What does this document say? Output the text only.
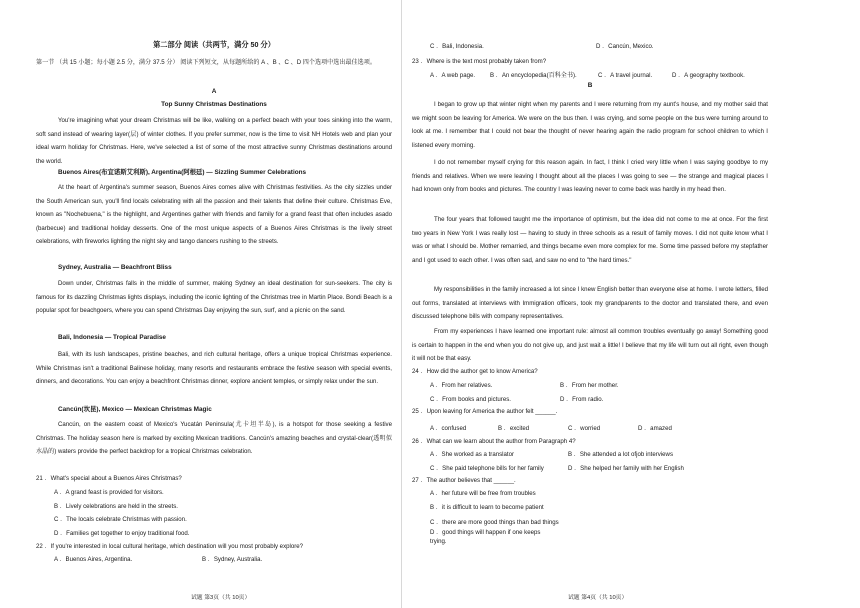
第二部分 阅读（共两节，满分 50 分）
第一节 （共 15 小题；每小题 2.5 分，满分 37.5 分） 阅读下列短文，从每题所给的 A 、B 、C 、D 四个选项中选出最佳选项。
A
Top Sunny Christmas Destinations
You're imagining what your dream Christmas will be like, walking on a perfect beach with your toes sinking into the warm, soft sand instead of wearing layer(层) of winter clothes. If you prefer summer, now is the time to visit NH Hotels web and plan your ideal warm holiday for Christmas. Here, we've selected a list of some of the most attractive sunny Christmas destinations around the world.
Buenos Aires(布宜诺斯艾利斯), Argentina(阿根廷) — Sizzling Summer Celebrations
At the heart of Argentina's summer season, Buenos Aires comes alive with Christmas festivities. As the city sizzles under the South American sun, you'll find locals celebrating with all the passion and their talents that define their culture. Christmas Eve, known as "Nochebuena," is the highlight, and Argentines gather with friends and family for a grand feast that often includes asado (barbecue) and traditional holiday desserts. One of the most unique aspects of a Buenos Aires Christmas is the lively street celebrations, with fireworks lighting the night sky and tango dancers rushing to the streets.
Sydney, Australia — Beachfront Bliss
Down under, Christmas falls in the middle of summer, making Sydney an ideal destination for sun-seekers. The city is famous for its dazzling Christmas lights displays, including the iconic lighting of the Christmas tree in Martin Place. Bondi Beach is a popular spot for beachgoers, where you can spend Christmas Day enjoying the sun, surf, and a picnic on the sand.
Bali, Indonesia — Tropical Paradise
Bali, with its lush landscapes, pristine beaches, and rich cultural heritage, offers a unique tropical Christmas experience. While Christmas isn't a traditional Balinese holiday, many resorts and restaurants embrace the festive season with special events, dinners, and decorations. You can enjoy a beachfront Christmas dinner, explore ancient temples, or simply relax under the sun.
Cancún(坎昆), Mexico — Mexican Christmas Magic
Cancún, on the eastern coast of Mexico's Yucatán Peninsula(尤卡坦半岛), is a hotspot for those seeking a festive Christmas. The holiday season here is marked by exciting Mexican traditions. Cancún's amazing beaches and crystal-clear(透明似水晶的) waters provide the perfect backdrop for a tropical Christmas celebration.
21 ．What's special about a Buenos Aires Christmas?
A ．A grand feast is provided for visitors.
B ．Lively celebrations are held in the streets.
C ．The locals celebrate Christmas with passion.
D ．Families get together to enjoy traditional food.
22 ．If you're interested in local cultural heritage, which destination will you most probably explore?
A ．Buenos Aires, Argentina.	B ．Sydney, Australia.
试题 第3页（共 10页）
C ．Bali, Indonesia.	D ．Cancún, Mexico.
23 ．Where is the text most probably taken from?
A ．A web page. B ．An encyclopedia(百科全书).	C ．A travel journal.	D ．A geography textbook.
B
I began to grow up that winter night when my parents and I were returning from my aunt's house, and my mother said that we might soon be leaving for America. We were on the bus then. I was crying, and some people on the bus were turning around to look at me. I remember that I could not bear the thought of never hearing again the radio program for school children to which I listened every morning.
I do not remember myself crying for this reason again. In fact, I think I cried very little when I was saying goodbye to my friends and relatives. When we were leaving I thought about all the places I was going to see — the strange and magical places I had known only from books and pictures. The country I was leaving never to come back was hardly in my head then.
The four years that followed taught me the importance of optimism, but the idea did not come to me at once. For the first two years in New York I was really lost — having to study in three schools as a result of family moves. I did not quite know what I was or what I should be. Mother remarried, and things became even more complex for me. Some time passed before my stepfather and I got used to each other. I was often sad, and saw no end to "the hard times."
My responsibilities in the family increased a lot since I knew English better than everyone else at home. I wrote letters, filled out forms, translated at interviews with Immigration officers, took my grandparents to the doctor and translated there, and even discussed telephone bills with company representatives.
From my experiences I have learned one important rule: almost all common troubles eventually go away! Something good is certain to happen in the end when you do not give up, and just wait a little! I believe that my life will turn out all right, even though it will not be that easy.
24 ．How did the author get to know America?
A ．From her relatives.	B ．From her mother.
C ．From books and pictures.	D ．From radio.
25 ．Upon leaving for America the author felt ______.
A ．confused	B ．excited	C ．worried	D ．amazed
26 ．What can we learn about the author from Paragraph 4?
A ．She worked as a translator	B ．She attended a lot ofjob interviews
C ．She paid telephone bills for her family	D ．She helped her family with her English
27 ．The author believes that ______.
A ．her future will be free from troubles
B ．it is difficult to learn to become patient
C ．there are more good things than bad things
D ．good things will happen if one keeps
trying.
试题 第4页（共 10页）
